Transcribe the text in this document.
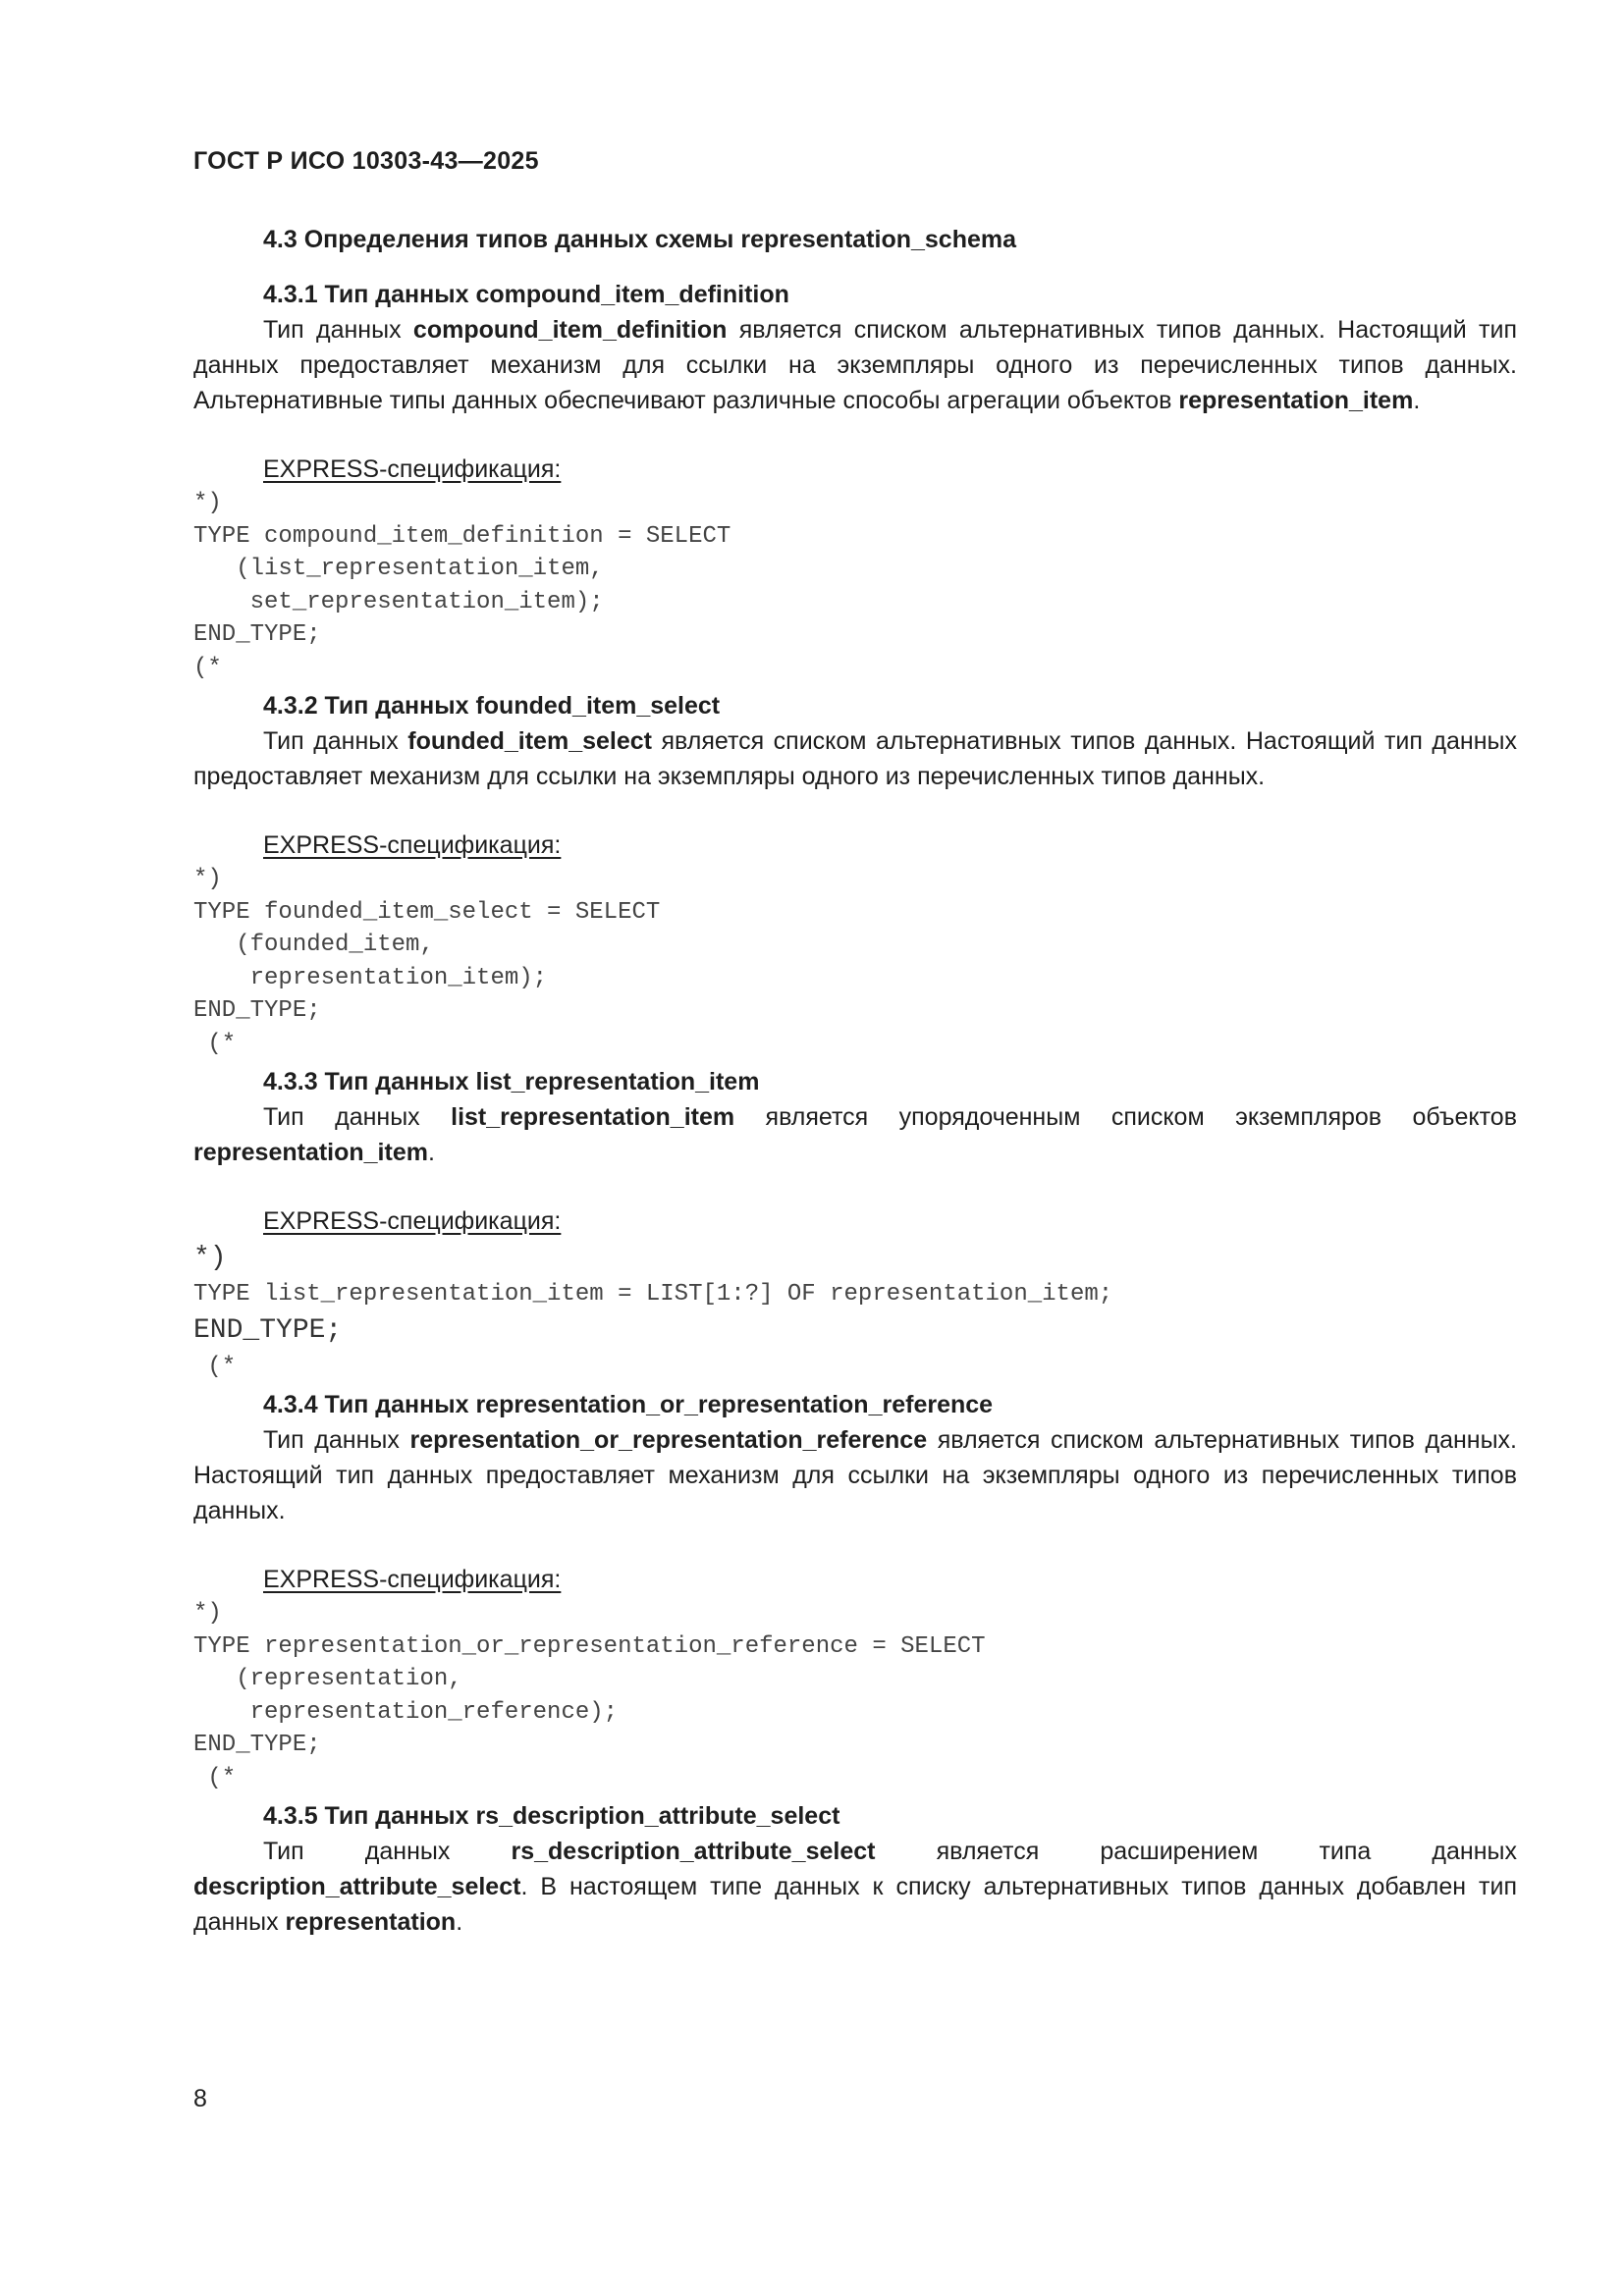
ГОСТ Р ИСО 10303-43—2025

4.3 Определения типов данных схемы representation_schema

4.3.1 Тип данных compound_item_definition

Тип данных compound_item_definition является списком альтернативных типов данных. Настоящий тип данных предоставляет механизм для ссылки на экземпляры одного из перечисленных типов данных. Альтернативные типы данных обеспечивают различные способы агрегации объектов representation_item.

EXPRESS-спецификация:

*)
TYPE compound_item_definition = SELECT
(list_representation_item,
set_representation_item);
END_TYPE;
(*

4.3.2 Тип данных founded_item_select

Тип данных founded_item_select является списком альтернативных типов данных. Настоящий тип данных предоставляет механизм для ссылки на экземпляры одного из перечисленных типов данных.

EXPRESS-спецификация:

*)
TYPE founded_item_select = SELECT
(founded_item,
representation_item);
END_TYPE;
(*

4.3.3 Тип данных list_representation_item

Тип данных list_representation_item является упорядоченным списком экземпляров объектов representation_item.

EXPRESS-спецификация:

*)
TYPE list_representation_item = LIST[1:?] OF representation_item;
END_TYPE;
(*

4.3.4 Тип данных representation_or_representation_reference

Тип данных representation_or_representation_reference является списком альтернативных типов данных. Настоящий тип данных предоставляет механизм для ссылки на экземпляры одного из перечисленных типов данных.

EXPRESS-спецификация:

*)
TYPE representation_or_representation_reference = SELECT
(representation,
representation_reference);
END_TYPE;
(*

4.3.5 Тип данных rs_description_attribute_select

Тип данных rs_description_attribute_select является расширением типа данных description_attribute_select. В настоящем типе данных к списку альтернативных типов данных добавлен тип данных representation.

8
